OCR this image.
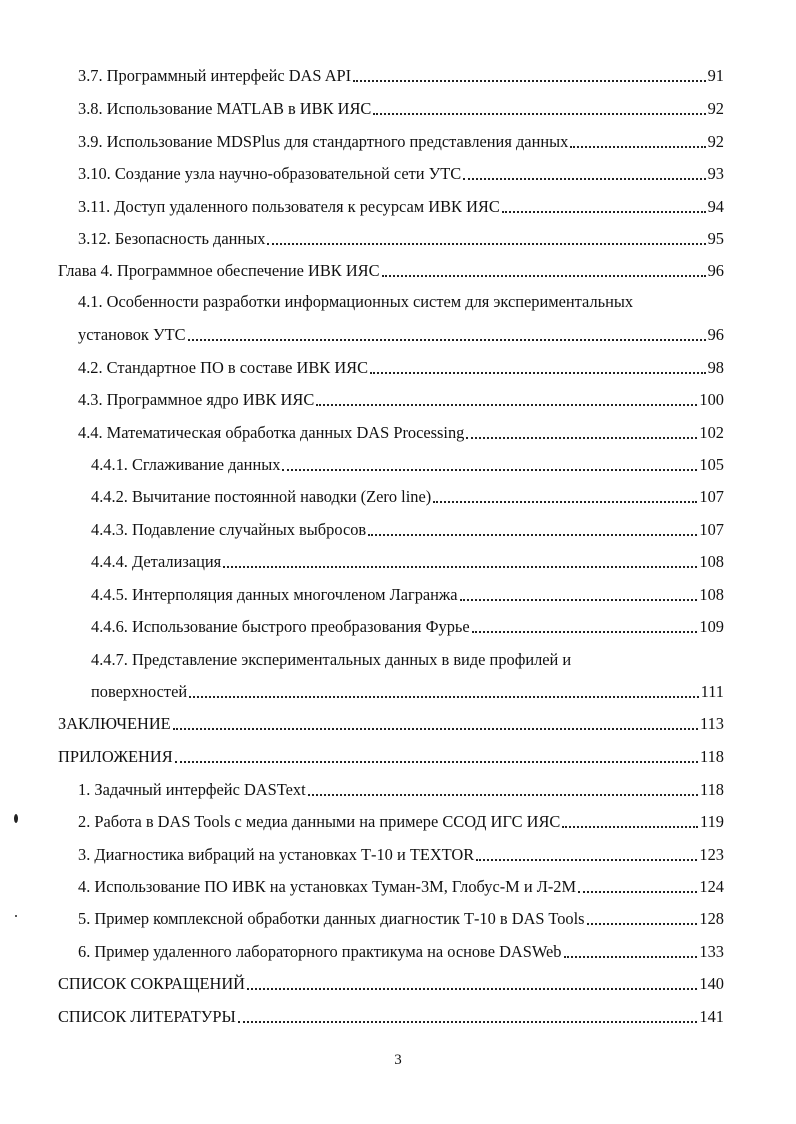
3.7. Программный интерфейс DAS API	91
3.8. Использование MATLAB в ИВК ИЯС	92
3.9. Использование MDSPlus для стандартного представления данных	92
3.10. Создание узла научно-образовательной сети УТС	93
3.11. Доступ удаленного пользователя к ресурсам ИВК ИЯС	94
3.12. Безопасность данных	95
Глава 4. Программное обеспечение ИВК ИЯС	96
4.1. Особенности разработки информационных систем для экспериментальных
установок УТС	96
4.2. Стандартное ПО в составе ИВК ИЯС	98
4.3. Программное ядро ИВК ИЯС	100
4.4. Математическая обработка данных DAS Processing	102
4.4.1. Сглаживание данных	105
4.4.2. Вычитание постоянной наводки (Zero line)	107
4.4.3. Подавление случайных выбросов	107
4.4.4. Детализация	108
4.4.5. Интерполяция данных многочленом Лагранжа	108
4.4.6. Использование быстрого преобразования Фурье	109
4.4.7. Представление экспериментальных данных в виде профилей и
поверхностей	111
ЗАКЛЮЧЕНИЕ	113
ПРИЛОЖЕНИЯ	118
1. Задачный интерфейс DASText	118
2. Работа в DAS Tools с медиа данными на примере ССОД ИГС ИЯС	119
3. Диагностика вибраций на установках Т-10 и TEXTOR	123
4. Использование ПО ИВК на установках Туман-3М, Глобус-М и Л-2М	124
5. Пример комплексной обработки данных диагностик Т-10 в DAS Tools	128
6. Пример удаленного лабораторного практикума на основе DASWeb	133
СПИСОК СОКРАЩЕНИЙ	140
СПИСОК ЛИТЕРАТУРЫ	141
3
